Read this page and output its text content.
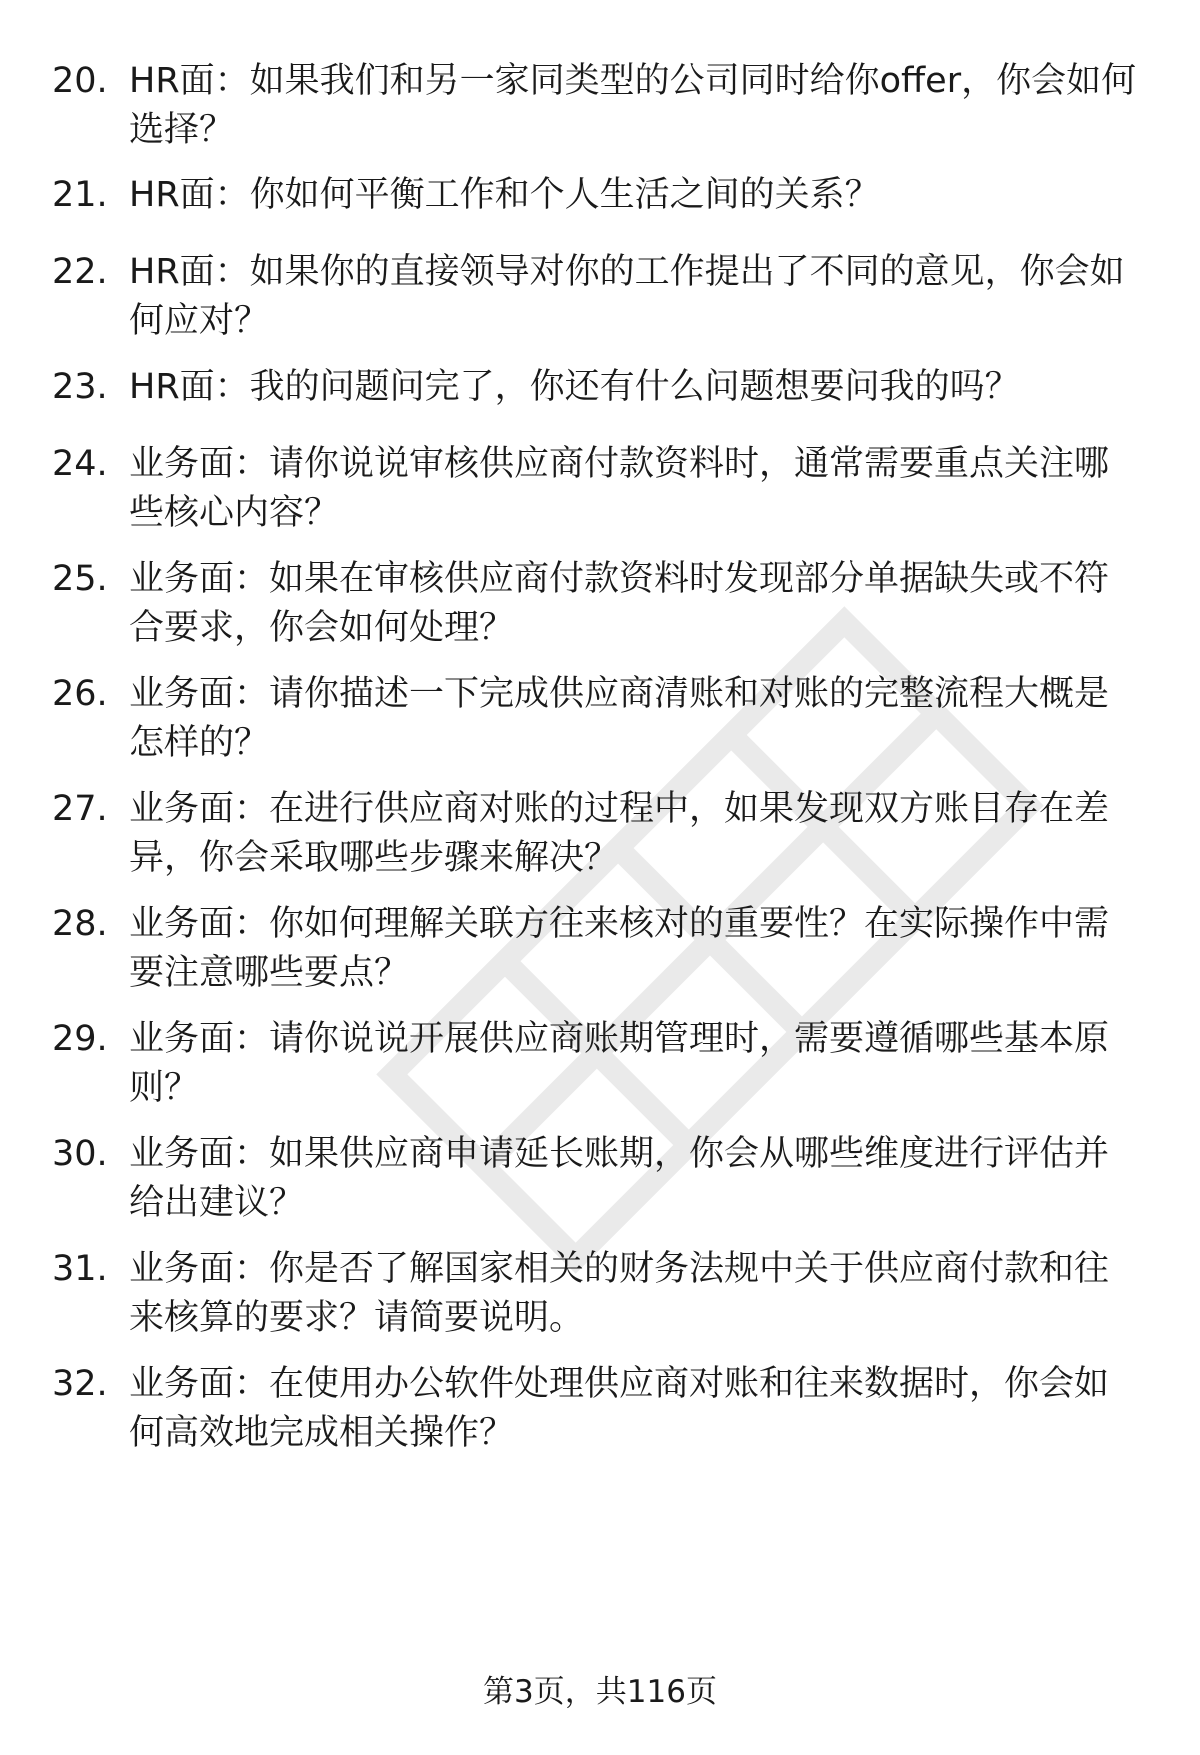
20. HR面：如果我们和另一家同类型的公司同时给你offer，你会如何选择？
21. HR面：你如何平衡工作和个人生活之间的关系？
22. HR面：如果你的直接领导对你的工作提出了不同的意见，你会如何应对？
23. HR面：我的问题问完了，你还有什么问题想要问我的吗？
24. 业务面：请你说说审核供应商付款资料时，通常需要重点关注哪些核心内容？
25. 业务面：如果在审核供应商付款资料时发现部分单据缺失或不符合要求，你会如何处理？
26. 业务面：请你描述一下完成供应商清账和对账的完整流程大概是怎样的？
27. 业务面：在进行供应商对账的过程中，如果发现双方账目存在差异，你会采取哪些步骤来解决？
28. 业务面：你如何理解关联方往来核对的重要性？在实际操作中需要注意哪些要点？
29. 业务面：请你说说开展供应商账期管理时，需要遵循哪些基本原则？
30. 业务面：如果供应商申请延长账期，你会从哪些维度进行评估并给出建议？
31. 业务面：你是否了解国家相关的财务法规中关于供应商付款和往来核算的要求？请简要说明。
32. 业务面：在使用办公软件处理供应商对账和往来数据时，你会如何高效地完成相关操作？
第3页，共116页
